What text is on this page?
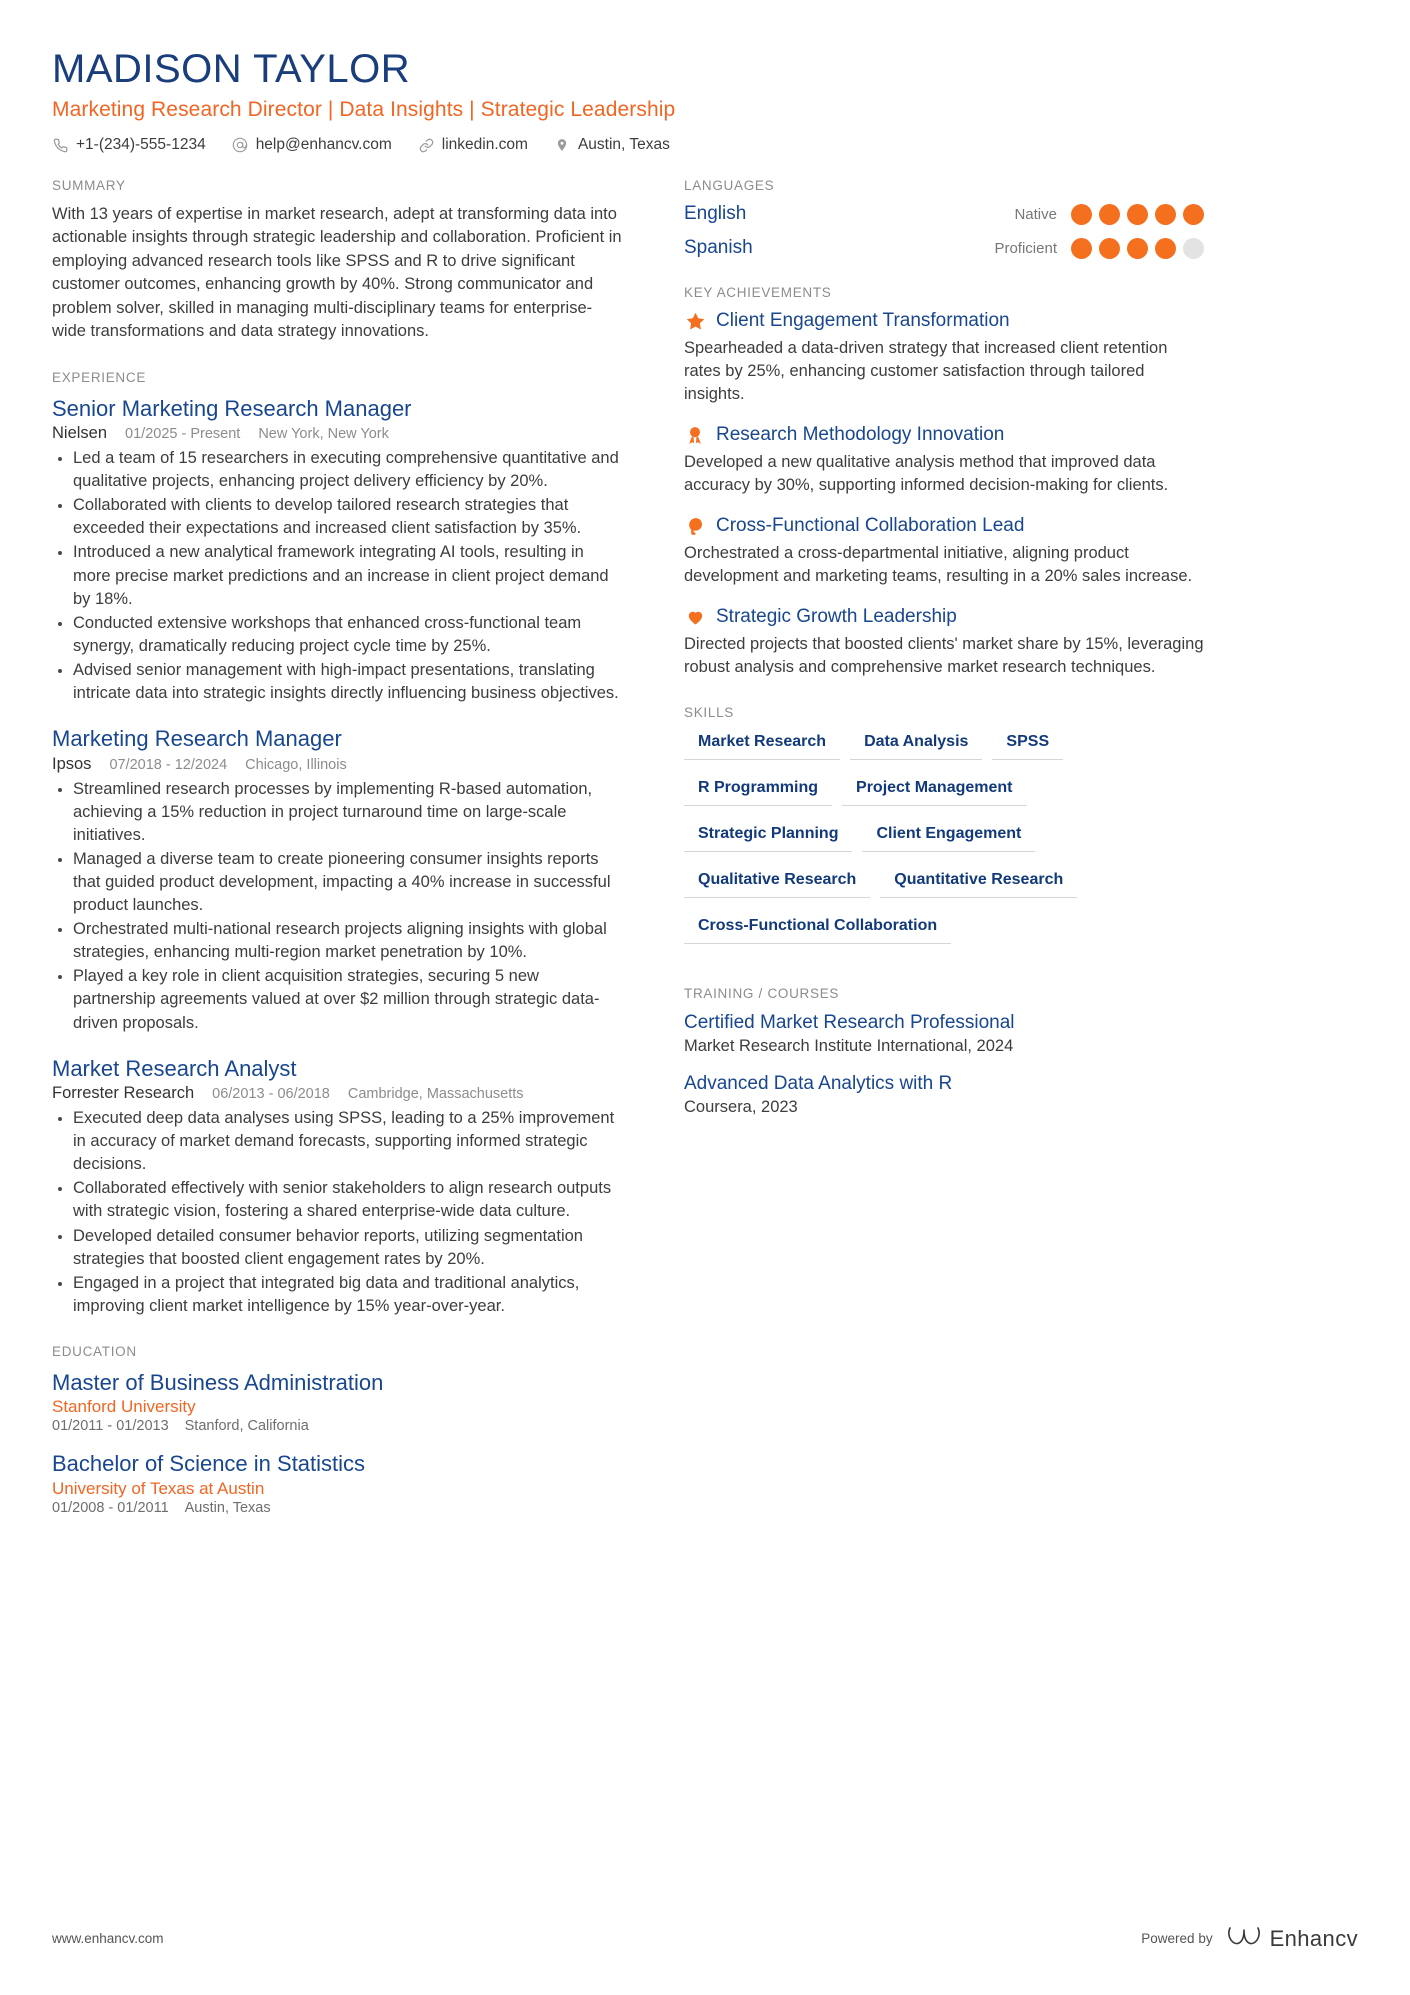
MADISON TAYLOR
Marketing Research Director | Data Insights | Strategic Leadership
+1-(234)-555-1234	help@enhancv.com	linkedin.com	Austin, Texas
SUMMARY
With 13 years of expertise in market research, adept at transforming data into actionable insights through strategic leadership and collaboration. Proficient in employing advanced research tools like SPSS and R to drive significant customer outcomes, enhancing growth by 40%. Strong communicator and problem solver, skilled in managing multi-disciplinary teams for enterprise-wide transformations and data strategy innovations.
EXPERIENCE
Senior Marketing Research Manager
Nielsen 01/2025 - Present New York, New York
Led a team of 15 researchers in executing comprehensive quantitative and qualitative projects, enhancing project delivery efficiency by 20%.
Collaborated with clients to develop tailored research strategies that exceeded their expectations and increased client satisfaction by 35%.
Introduced a new analytical framework integrating AI tools, resulting in more precise market predictions and an increase in client project demand by 18%.
Conducted extensive workshops that enhanced cross-functional team synergy, dramatically reducing project cycle time by 25%.
Advised senior management with high-impact presentations, translating intricate data into strategic insights directly influencing business objectives.
Marketing Research Manager
Ipsos 07/2018 - 12/2024 Chicago, Illinois
Streamlined research processes by implementing R-based automation, achieving a 15% reduction in project turnaround time on large-scale initiatives.
Managed a diverse team to create pioneering consumer insights reports that guided product development, impacting a 40% increase in successful product launches.
Orchestrated multi-national research projects aligning insights with global strategies, enhancing multi-region market penetration by 10%.
Played a key role in client acquisition strategies, securing 5 new partnership agreements valued at over $2 million through strategic data-driven proposals.
Market Research Analyst
Forrester Research 06/2013 - 06/2018 Cambridge, Massachusetts
Executed deep data analyses using SPSS, leading to a 25% improvement in accuracy of market demand forecasts, supporting informed strategic decisions.
Collaborated effectively with senior stakeholders to align research outputs with strategic vision, fostering a shared enterprise-wide data culture.
Developed detailed consumer behavior reports, utilizing segmentation strategies that boosted client engagement rates by 20%.
Engaged in a project that integrated big data and traditional analytics, improving client market intelligence by 15% year-over-year.
EDUCATION
Master of Business Administration
Stanford University
01/2011 - 01/2013 Stanford, California
Bachelor of Science in Statistics
University of Texas at Austin
01/2008 - 01/2011 Austin, Texas
LANGUAGES
English	Native
Spanish	Proficient
KEY ACHIEVEMENTS
Client Engagement Transformation
Spearheaded a data-driven strategy that increased client retention rates by 25%, enhancing customer satisfaction through tailored insights.
Research Methodology Innovation
Developed a new qualitative analysis method that improved data accuracy by 30%, supporting informed decision-making for clients.
Cross-Functional Collaboration Lead
Orchestrated a cross-departmental initiative, aligning product development and marketing teams, resulting in a 20% sales increase.
Strategic Growth Leadership
Directed projects that boosted clients' market share by 15%, leveraging robust analysis and comprehensive market research techniques.
SKILLS
Market Research	Data Analysis	SPSS
R Programming	Project Management
Strategic Planning	Client Engagement
Qualitative Research	Quantitative Research
Cross-Functional Collaboration
TRAINING / COURSES
Certified Market Research Professional
Market Research Institute International, 2024
Advanced Data Analytics with R
Coursera, 2023
www.enhancv.com	Powered by	Enhancv
